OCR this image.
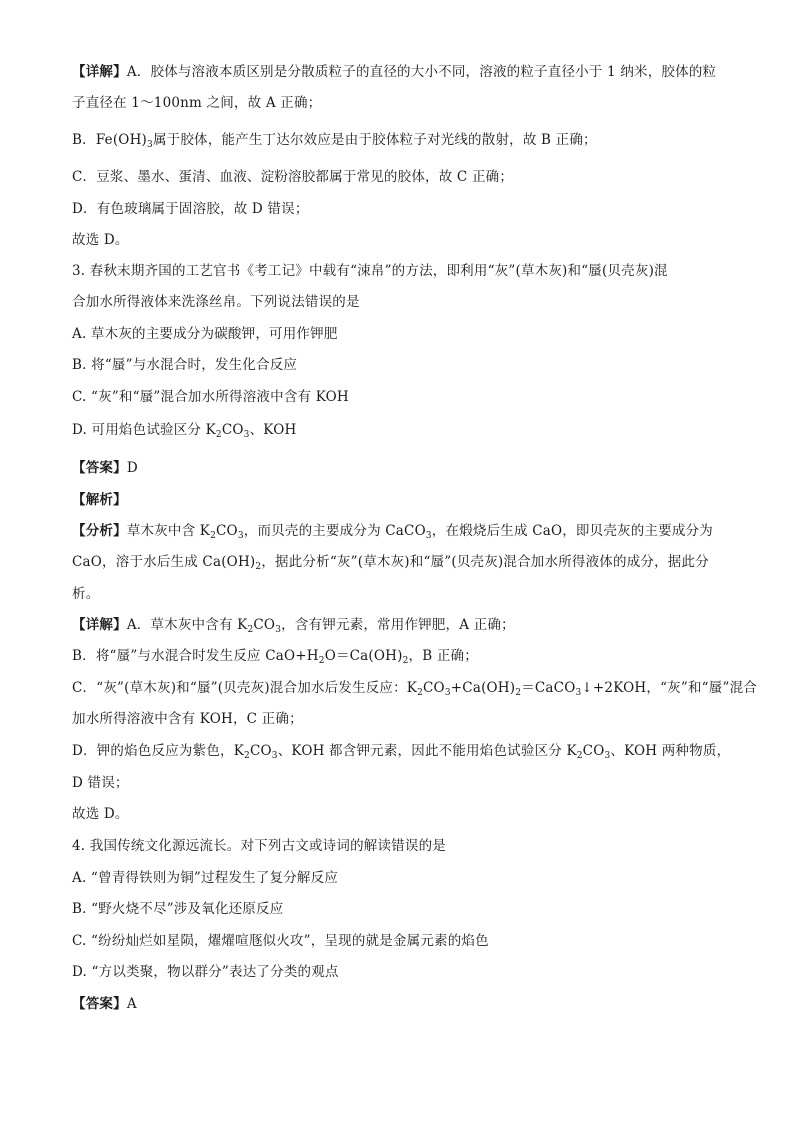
【详解】A．胶体与溶液本质区别是分散质粒子的直径的大小不同，溶液的粒子直径小于 1 纳米，胶体的粒

子直径在 1～100nm 之间，故 A 正确；

B．$Fe(OH)_3$属于胶体，能产生丁达尔效应是由于胶体粒子对光线的散射，故 B 正确；

C．豆浆、墨水、蛋清、血液、淀粉溶胶都属于常见的胶体，故 C 正确；

D．有色玻璃属于固溶胶，故 D 错误；

故选 D。

3. 春秋末期齐国的工艺官书《考工记》中载有“涑帛”的方法，即利用“灰”(草木灰)和“蜃(贝壳灰)混

合加水所得液体来洗涤丝帛。下列说法错误的是

A. 草木灰的主要成分为碳酸钾，可用作钾肥

B. 将“蜃”与水混合时，发生化合反应

C. “灰”和“蜃”混合加水所得溶液中含有 KOH

D. 可用焰色试验区分 $K_2CO_3$、KOH

【答案】D

【解析】

【分析】草木灰中含 $K_2CO_3$，而贝壳的主要成分为 CaCO$_3$，在煅烧后生成 CaO，即贝壳灰的主要成分为

CaO，溶于水后生成 $Ca(OH)_2$，据此分析“灰”(草木灰)和“蜃”(贝壳灰)混合加水所得液体的成分，据此分

析。

【详解】A．草木灰中含有 $K_2CO_3$，含有钾元素，常用作钾肥，A 正确；

B．将“蜃”与水混合时发生反应 $CaO+H_2O=Ca(OH)_2$，B 正确；

C．“灰”(草木灰)和“蜃”(贝壳灰)混合加水后发生反应：$K_2CO_3+Ca(OH)_2=CaCO_3↓+2KOH$，“灰”和“蜃”混合

加水所得溶液中含有 KOH，C 正确；

D．钾的焰色反应为紫色，$K_2CO_3$、KOH 都含钾元素，因此不能用焰色试验区分 $K_2CO_3$、KOH 两种物质，

D 错误；

故选 D。

4. 我国传统文化源远流长。对下列古文或诗词的解读错误的是

A. “曾青得铁则为铜”过程发生了复分解反应

B. “野火烧不尽”涉及氧化还原反应

C. “纷纷灿烂如星陨，燿燿喧豗似火攻”，呈现的就是金属元素的焰色

D. “方以类聚，物以群分”表达了分类的观点

【答案】A
